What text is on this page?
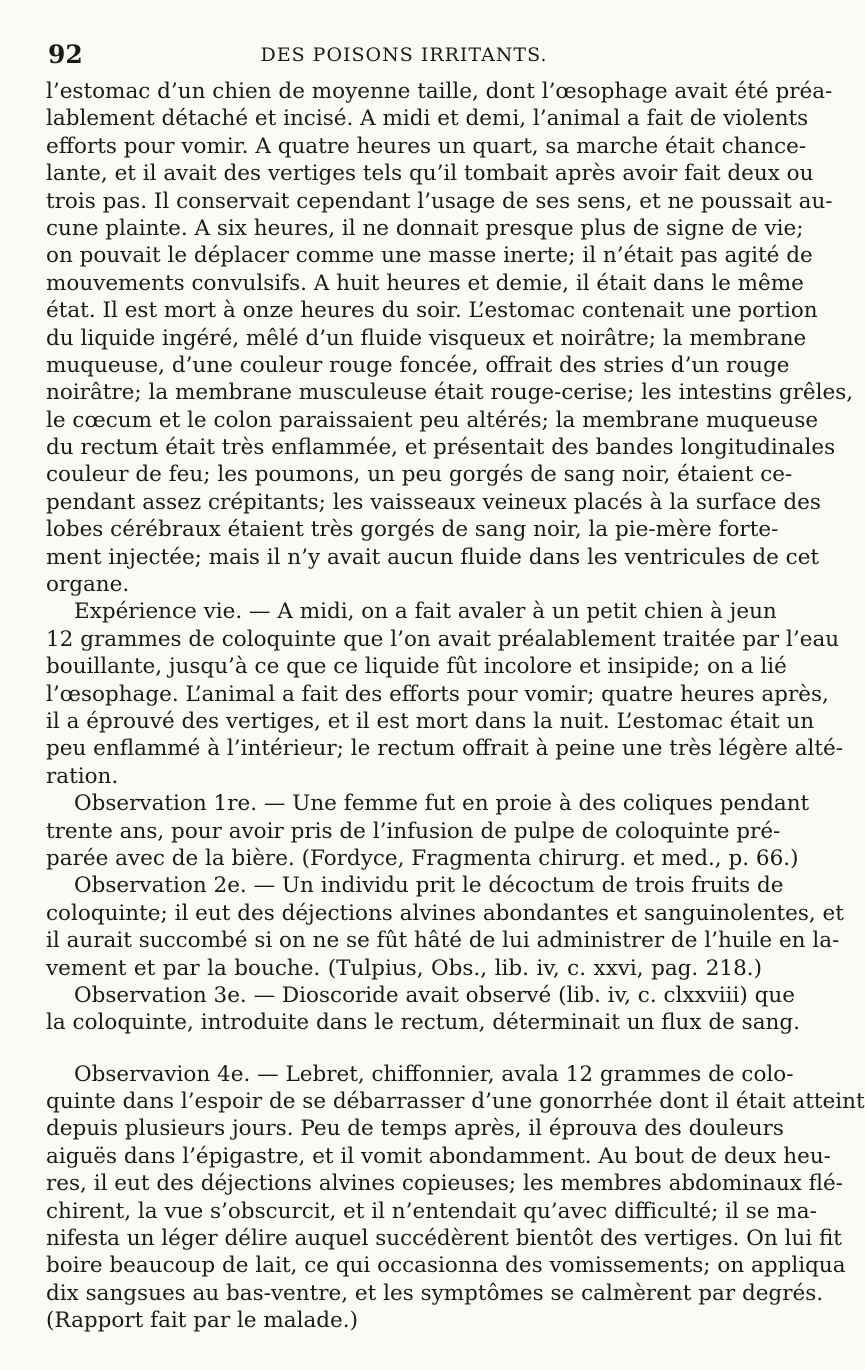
92	DES POISONS IRRITANTS.
l’estomac d’un chien de moyenne taille, dont l’œsophage avait été préa-
lablement détaché et incisé. A midi et demi, l’animal a fait de violents
efforts pour vomir. A quatre heures un quart, sa marche était chance-
lante, et il avait des vertiges tels qu’il tombait après avoir fait deux ou
trois pas. Il conservait cependant l’usage de ses sens, et ne poussait au-
cune plainte. A six heures, il ne donnait presque plus de signe de vie;
on pouvait le déplacer comme une masse inerte; il n’était pas agité de
mouvements convulsifs. A huit heures et demie, il était dans le même
état. Il est mort à onze heures du soir. L’estomac contenait une portion
du liquide ingéré, mêlé d’un fluide visqueux et noirâtre; la membrane
muqueuse, d’une couleur rouge foncée, offrait des stries d’un rouge
noirâtre; la membrane musculeuse était rouge-cerise; les intestins grêles,
le cœcum et le colon paraissaient peu altérés; la membrane muqueuse
du rectum était très enflammée, et présentait des bandes longitudinales
couleur de feu; les poumons, un peu gorgés de sang noir, étaient ce-
pendant assez crépitants; les vaisseaux veineux placés à la surface des
lobes cérébraux étaient très gorgés de sang noir, la pie-mère forte-
ment injectée; mais il n’y avait aucun fluide dans les ventricules de cet
organe.
Expérience vie. — A midi, on a fait avaler à un petit chien à jeun
12 grammes de coloquinte que l’on avait préalablement traitée par l’eau
bouillante, jusqu’à ce que ce liquide fût incolore et insipide; on a lié
l’œsophage. L’animal a fait des efforts pour vomir; quatre heures après,
il a éprouvé des vertiges, et il est mort dans la nuit. L’estomac était un
peu enflammé à l’intérieur; le rectum offrait à peine une très légère alté-
ration.
Observation 1re. — Une femme fut en proie à des coliques pendant
trente ans, pour avoir pris de l’infusion de pulpe de coloquinte pré-
parée avec de la bière. (Fordyce, Fragmenta chirurg. et med., p. 66.)
Observation 2e. — Un individu prit le décoctum de trois fruits de
coloquinte; il eut des déjections alvines abondantes et sanguinolentes, et
il aurait succombé si on ne se fût hâté de lui administrer de l’huile en la-
vement et par la bouche. (Tulpius, Obs., lib. iv, c. xxvi, pag. 218.)
Observation 3e. — Dioscoride avait observé (lib. iv, c. clxxviii) que
la coloquinte, introduite dans le rectum, déterminait un flux de sang.
Observavion 4e. — Lebret, chiffonnier, avala 12 grammes de colo-
quinte dans l’espoir de se débarrasser d’une gonorrhée dont il était atteint
depuis plusieurs jours. Peu de temps après, il éprouva des douleurs
aiguës dans l’épigastre, et il vomit abondamment. Au bout de deux heu-
res, il eut des déjections alvines copieuses; les membres abdominaux flé-
chirent, la vue s’obscurcit, et il n’entendait qu’avec difficulté; il se ma-
nifesta un léger délire auquel succédèrent bientôt des vertiges. On lui fit
boire beaucoup de lait, ce qui occasionna des vomissements; on appliqua
dix sangsues au bas-ventre, et les symptômes se calmèrent par degrés.
(Rapport fait par le malade.)
